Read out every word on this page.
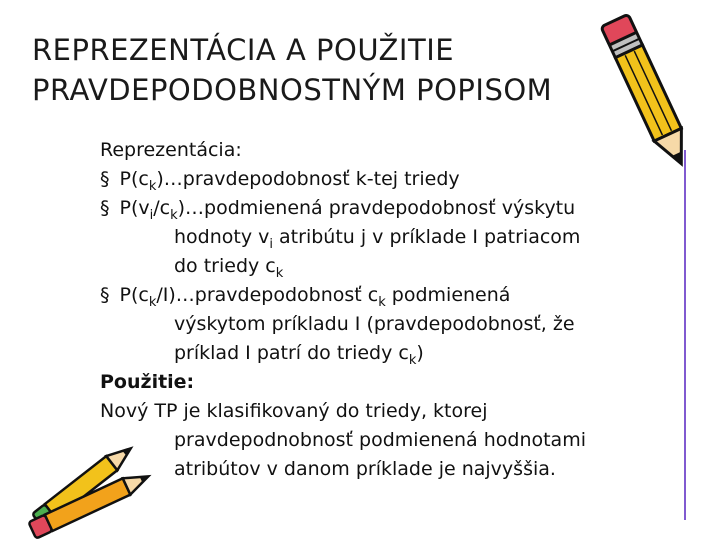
REPREZENTÁCIA A POUŽITIE
PRAVDEPODOBNOSTNÝM POPISOM
Reprezentácia:
§ $P(c_k)\dots pravdepodobnosť$ k-tej triedy
§ $P(v_i/c_k)\dots podmienená$ pravdepodobnosť výskytu
hodnoty $v_i$ atribútu j v príklade I patriacom
do triedy $c_k$
§ $P(c_k/I)\dots pravdepodobnosť$ $c_k$ podmienená
výskytom príkladu I (pravdepodobnosť, že
príklad I patrí do triedy $c_k$)
Použitie:
Nový TP je klasifikovaný do triedy, ktorej
pravdepodnobnosť podmienená hodnotami
atribútov v danom príklade je najvyššia.
